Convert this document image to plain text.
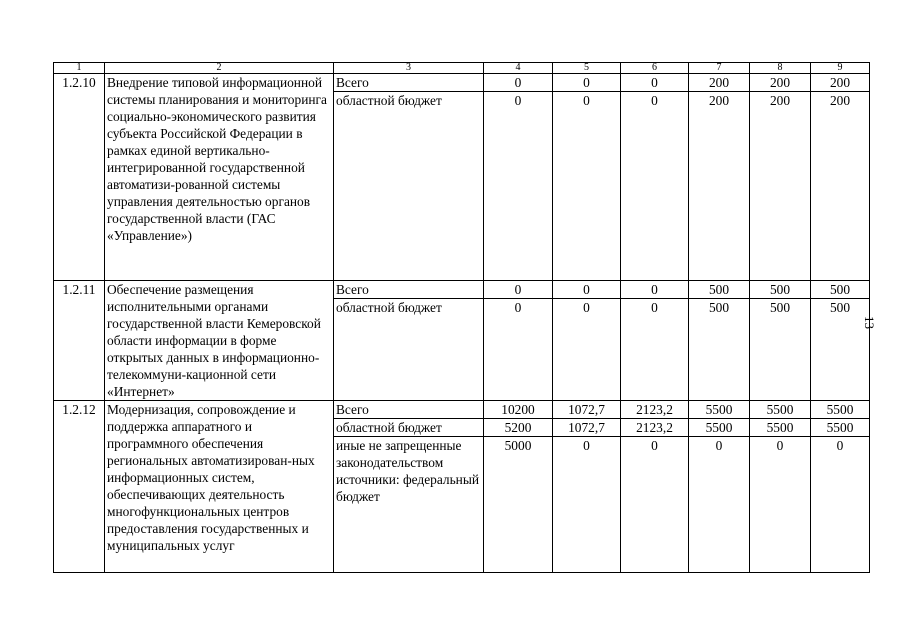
1	2	3	4	5	6	7	8	9
1.2.10	Внедрение типовой информационной системы планирования и мониторинга социально-экономического развития субъекта Российской Федерации в рамках единой вертикально-интегрированной государственной автоматизи-рованной системы управления деятельностью органов государственной власти (ГАС «Управление»)	Всего	0	0	0	200	200	200
		областной бюджет	0	0	0	200	200	200
1.2.11	Обеспечение размещения исполнительными органами государственной власти Кемеровской области информации в форме открытых данных в информационно-телекоммуни-кационной сети «Интернет»	Всего	0	0	0	500	500	500
		областной бюджет	0	0	0	500	500	500
1.2.12	Модернизация, сопровождение и поддержка аппаратного и программного обеспечения региональных автоматизирован-ных информационных систем, обеспечивающих деятельность многофункциональных центров предоставления государственных и муниципальных услуг	Всего	10200	1072,7	2123,2	5500	5500	5500
		областной бюджет	5200	1072,7	2123,2	5500	5500	5500
		иные не запрещенные законодательством источники: федеральный бюджет	5000	0	0	0	0	0
13
